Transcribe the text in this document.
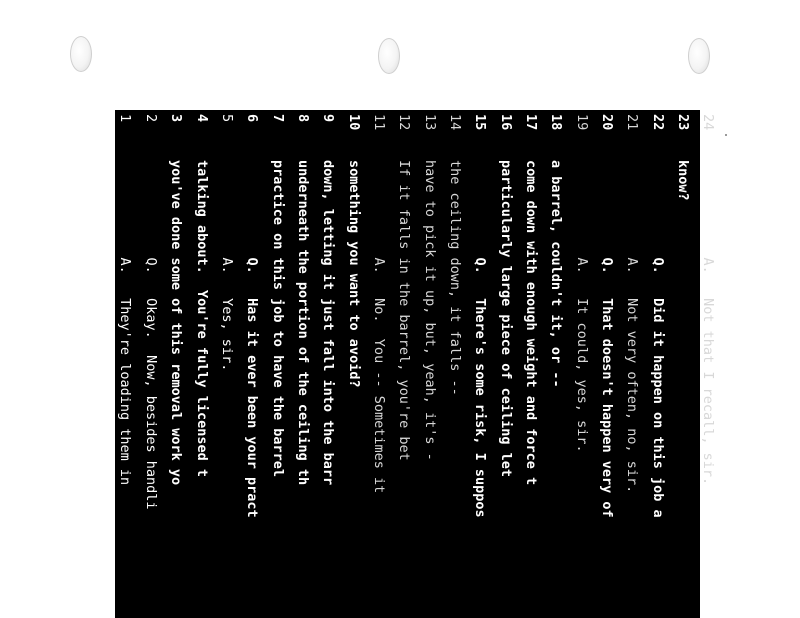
1            A.   They're loading them in
2            Q.   Okay.  Now, besides handli
3you've done some of this removal work yo
4talking about.  You're fully licensed t
5            A.   Yes, sir.
6            Q.   Has it ever been your pract
7practice on this job to have the barrel
8underneath the portion of the ceiling th
9down, letting it just fall into the barr
10something you want to avoid?
11            A.   No.  You -- Sometimes it
12If it falls in the barrel, you're bet
13have to pick it up, but, yeah, it's -
14the ceiling down, it falls --
15            Q.   There's some risk, I suppos
16particularly large piece of ceiling let
17come down with enough weight and force t
18a barrel, couldn't it, or --
19            A.   It could, yes, sir.
20            Q.   That doesn't happen very of
21            A.   Not very often, no, sir.
22            Q.   Did it happen on this job a
23know?
24            A.   Not that I recall, sir.
